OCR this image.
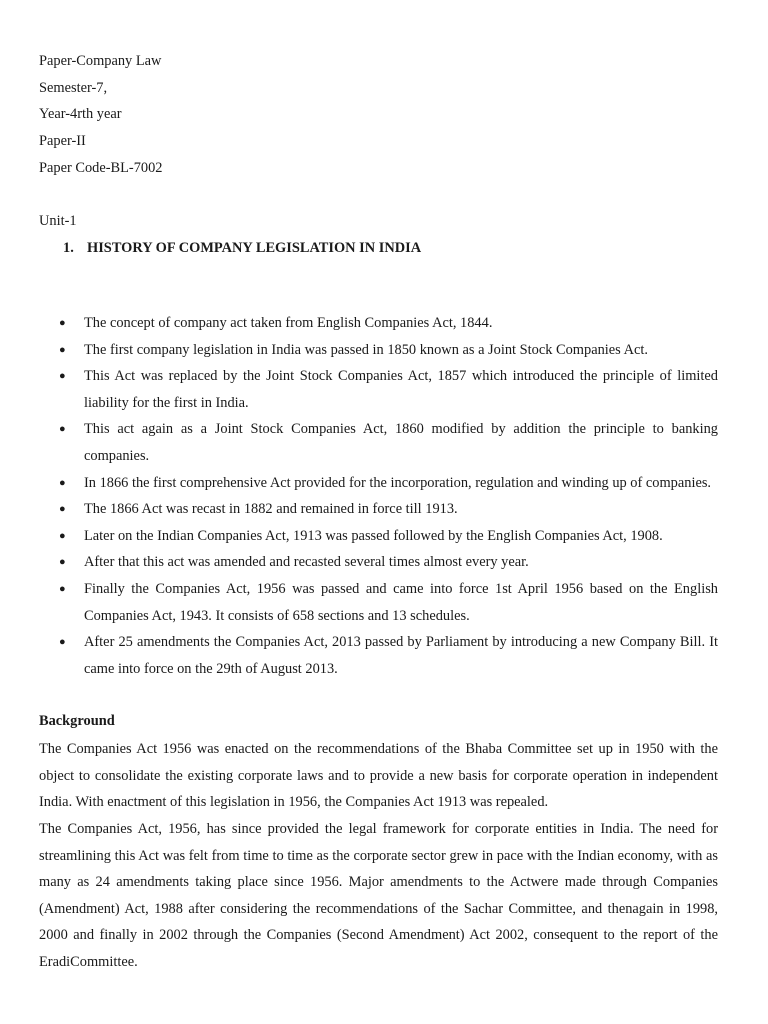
Paper-Company Law
Semester-7,
Year-4rth year
Paper-II
Paper Code-BL-7002
Unit-1
1. HISTORY OF COMPANY LEGISLATION IN INDIA
● The concept of company act taken from English Companies Act, 1844.
● The first company legislation in India was passed in 1850 known as a Joint Stock Companies Act.
● This Act was replaced by the Joint Stock Companies Act, 1857 which introduced the principle of limited liability for the first in India.
● This act again as a Joint Stock Companies Act, 1860 modified by addition the principle to banking companies.
● In 1866 the first comprehensive Act provided for the incorporation, regulation and winding up of companies.
● The 1866 Act was recast in 1882 and remained in force till 1913.
● Later on the Indian Companies Act, 1913 was passed followed by the English Companies Act, 1908.
● After that this act was amended and recasted several times almost every year.
● Finally the Companies Act, 1956 was passed and came into force 1st April 1956 based on the English Companies Act, 1943. It consists of 658 sections and 13 schedules.
● After 25 amendments the Companies Act, 2013 passed by Parliament by introducing a new Company Bill. It came into force on the 29th of August 2013.
Background

The Companies Act 1956 was enacted on the recommendations of the Bhaba Committee set up in 1950 with the object to consolidate the existing corporate laws and to provide a new basis for corporate operation in independent India. With enactment of this legislation in 1956, the Companies Act 1913 was repealed.

The Companies Act, 1956, has since provided the legal framework for corporate entities in India. The need for streamlining this Act was felt from time to time as the corporate sector grew in pace with the Indian economy, with as many as 24 amendments taking place since 1956. Major amendments to the Actwere made through Companies (Amendment) Act, 1988 after considering the recommendations of the Sachar Committee, and thenagain in 1998, 2000 and finally in 2002 through the Companies (Second Amendment) Act 2002, consequent to the report of the EradiCommittee.
